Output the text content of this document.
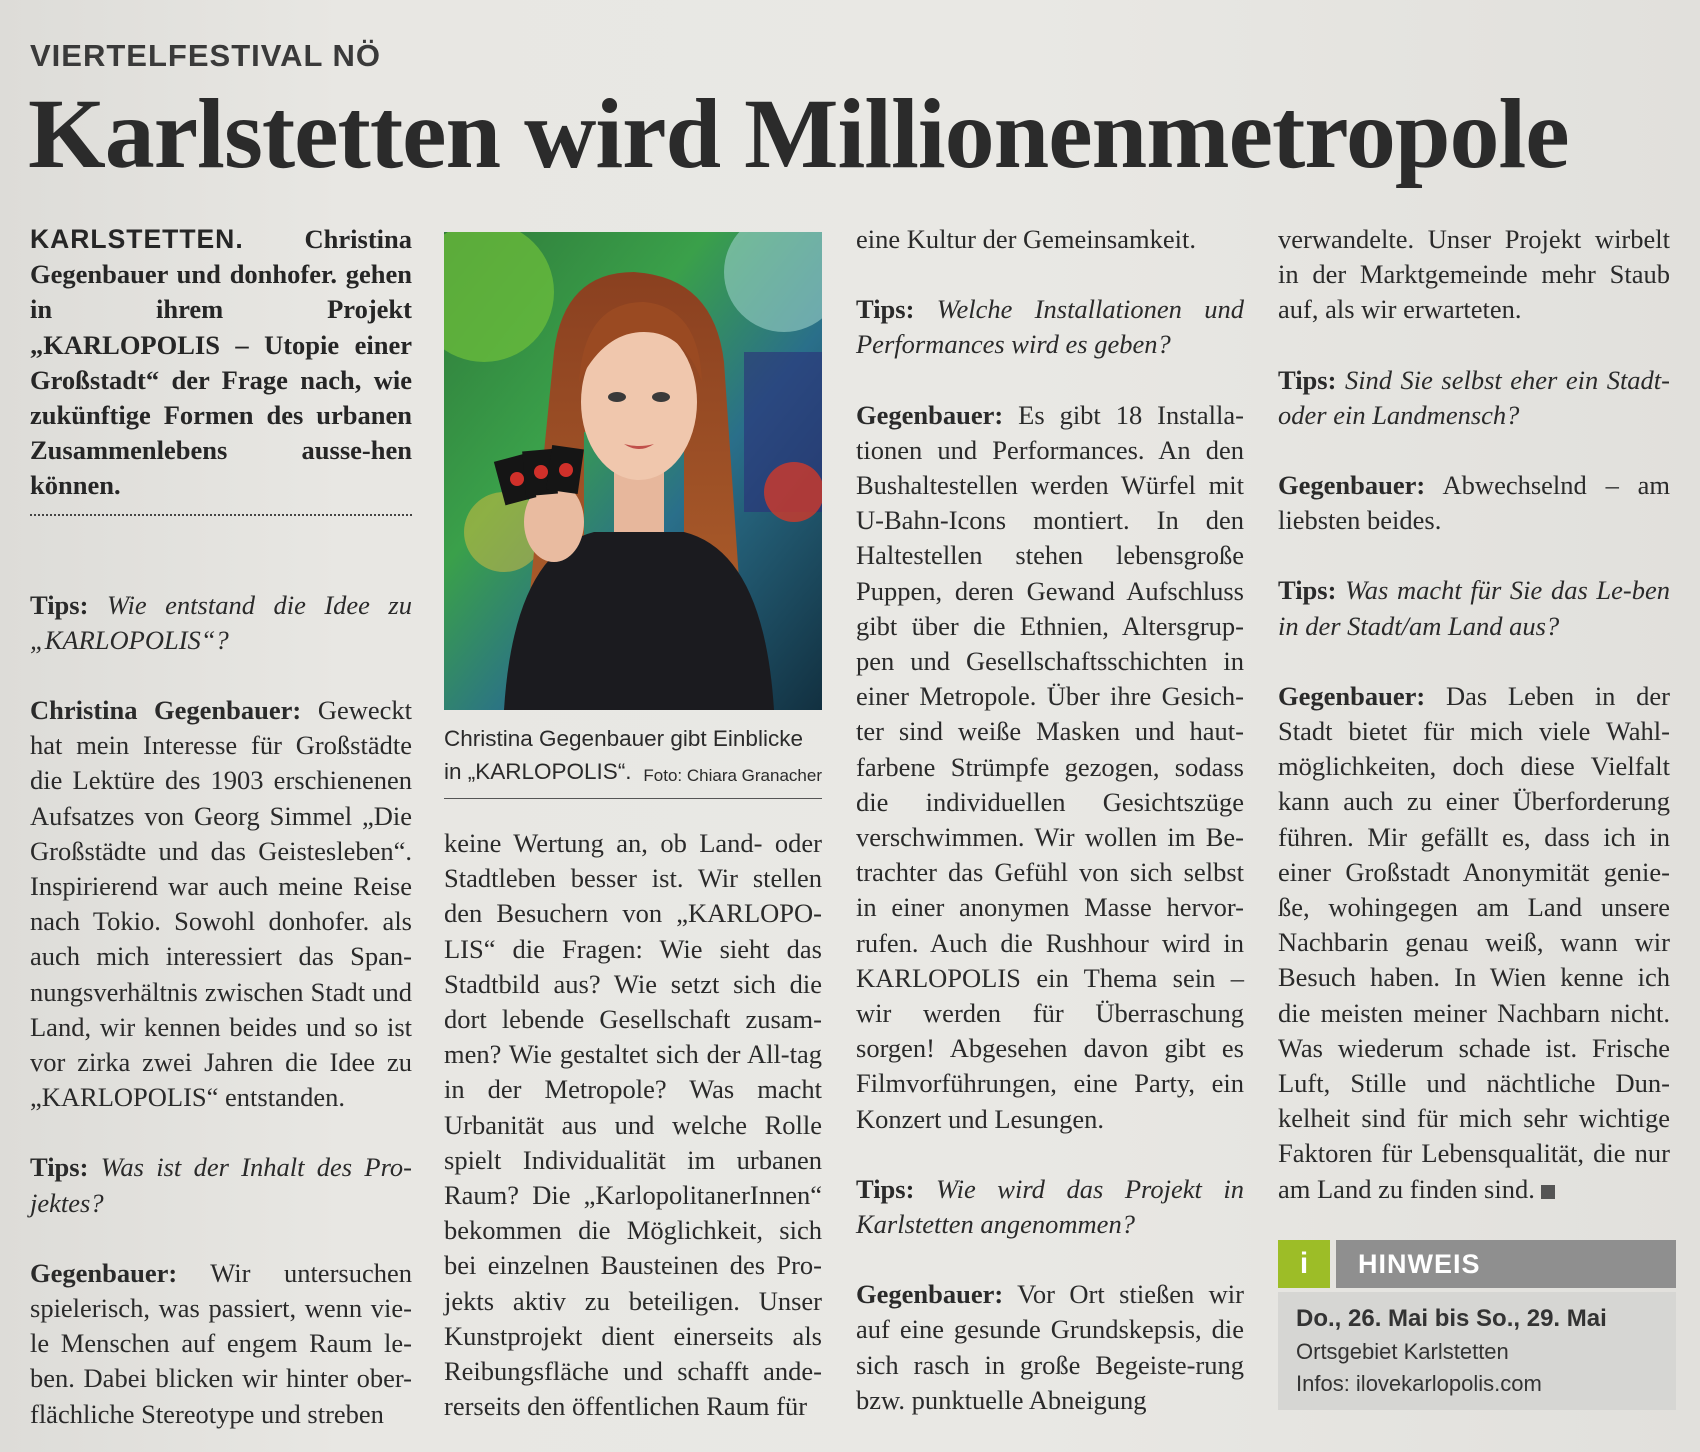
VIERTELFESTIVAL NÖ
Karlstetten wird Millionenmetropole

KARLSTETTEN. Christina Gegenbauer und donhofer. gehen in ihrem Projekt „KARLOPOLIS – Utopie einer Großstadt“ der Frage nach, wie zukünftige Formen des urbanen Zusammenlebens ausse-hen können.

Tips: Wie entstand die Idee zu „KARLOPOLIS“?

Christina Gegenbauer: Geweckt hat mein Interesse für Großstädte die Lektüre des 1903 erschienenen Aufsatzes von Georg Simmel „Die Großstädte und das Geistesleben“. Inspirierend war auch meine Reise nach Tokio. Sowohl donhofer. als auch mich interessiert das Span-nungsverhältnis zwischen Stadt und Land, wir kennen beides und so ist vor zirka zwei Jahren die Idee zu „KARLOPOLIS“ entstanden.

Tips: Was ist der Inhalt des Pro-jektes?

Gegenbauer: Wir untersuchen spielerisch, was passiert, wenn vie-le Menschen auf engem Raum le-ben. Dabei blicken wir hinter ober-flächliche Stereotype und streben

Christina Gegenbauer gibt Einblicke in „KARLOPOLIS“. Foto: Chiara Granacher

keine Wertung an, ob Land- oder Stadtleben besser ist. Wir stellen den Besuchern von „KARLOPO-LIS“ die Fragen: Wie sieht das Stadtbild aus? Wie setzt sich die dort lebende Gesellschaft zusam-men? Wie gestaltet sich der All-tag in der Metropole? Was macht Urbanität aus und welche Rolle spielt Individualität im urbanen Raum? Die „KarlopolitanerInnen“ bekommen die Möglichkeit, sich bei einzelnen Bausteinen des Pro-jekts aktiv zu beteiligen. Unser Kunstprojekt dient einerseits als Reibungsfläche und schafft ande-rerseits den öffentlichen Raum für

eine Kultur der Gemeinsamkeit.

Tips: Welche Installationen und Performances wird es geben?

Gegenbauer: Es gibt 18 Installa-tionen und Performances. An den Bushaltestellen werden Würfel mit U-Bahn-Icons montiert. In den Haltestellen stehen lebensgroße Puppen, deren Gewand Aufschluss gibt über die Ethnien, Altersgrup-pen und Gesellschaftsschichten in einer Metropole. Über ihre Gesich-ter sind weiße Masken und haut-farbene Strümpfe gezogen, sodass die individuellen Gesichtszüge verschwimmen. Wir wollen im Be-trachter das Gefühl von sich selbst in einer anonymen Masse hervor-rufen. Auch die Rushhour wird in KARLOPOLIS ein Thema sein – wir werden für Überraschung sorgen! Abgesehen davon gibt es Filmvorführungen, eine Party, ein Konzert und Lesungen.

Tips: Wie wird das Projekt in Karlstetten angenommen?

Gegenbauer: Vor Ort stießen wir auf eine gesunde Grundskepsis, die sich rasch in große Begeiste-rung bzw. punktuelle Abneigung

verwandelte. Unser Projekt wirbelt in der Marktgemeinde mehr Staub auf, als wir erwarteten.

Tips: Sind Sie selbst eher ein Stadt- oder ein Landmensch?

Gegenbauer: Abwechselnd – am liebsten beides.

Tips: Was macht für Sie das Le-ben in der Stadt/am Land aus?

Gegenbauer: Das Leben in der Stadt bietet für mich viele Wahl-möglichkeiten, doch diese Vielfalt kann auch zu einer Überforderung führen. Mir gefällt es, dass ich in einer Großstadt Anonymität genie-ße, wohingegen am Land unsere Nachbarin genau weiß, wann wir Besuch haben. In Wien kenne ich die meisten meiner Nachbarn nicht. Was wiederum schade ist. Frische Luft, Stille und nächtliche Dun-kelheit sind für mich sehr wichtige Faktoren für Lebensqualität, die nur am Land zu finden sind.

i	HINWEIS
Do., 26. Mai bis So., 29. Mai
Ortsgebiet Karlstetten
Infos: ilovekarlopolis.com
